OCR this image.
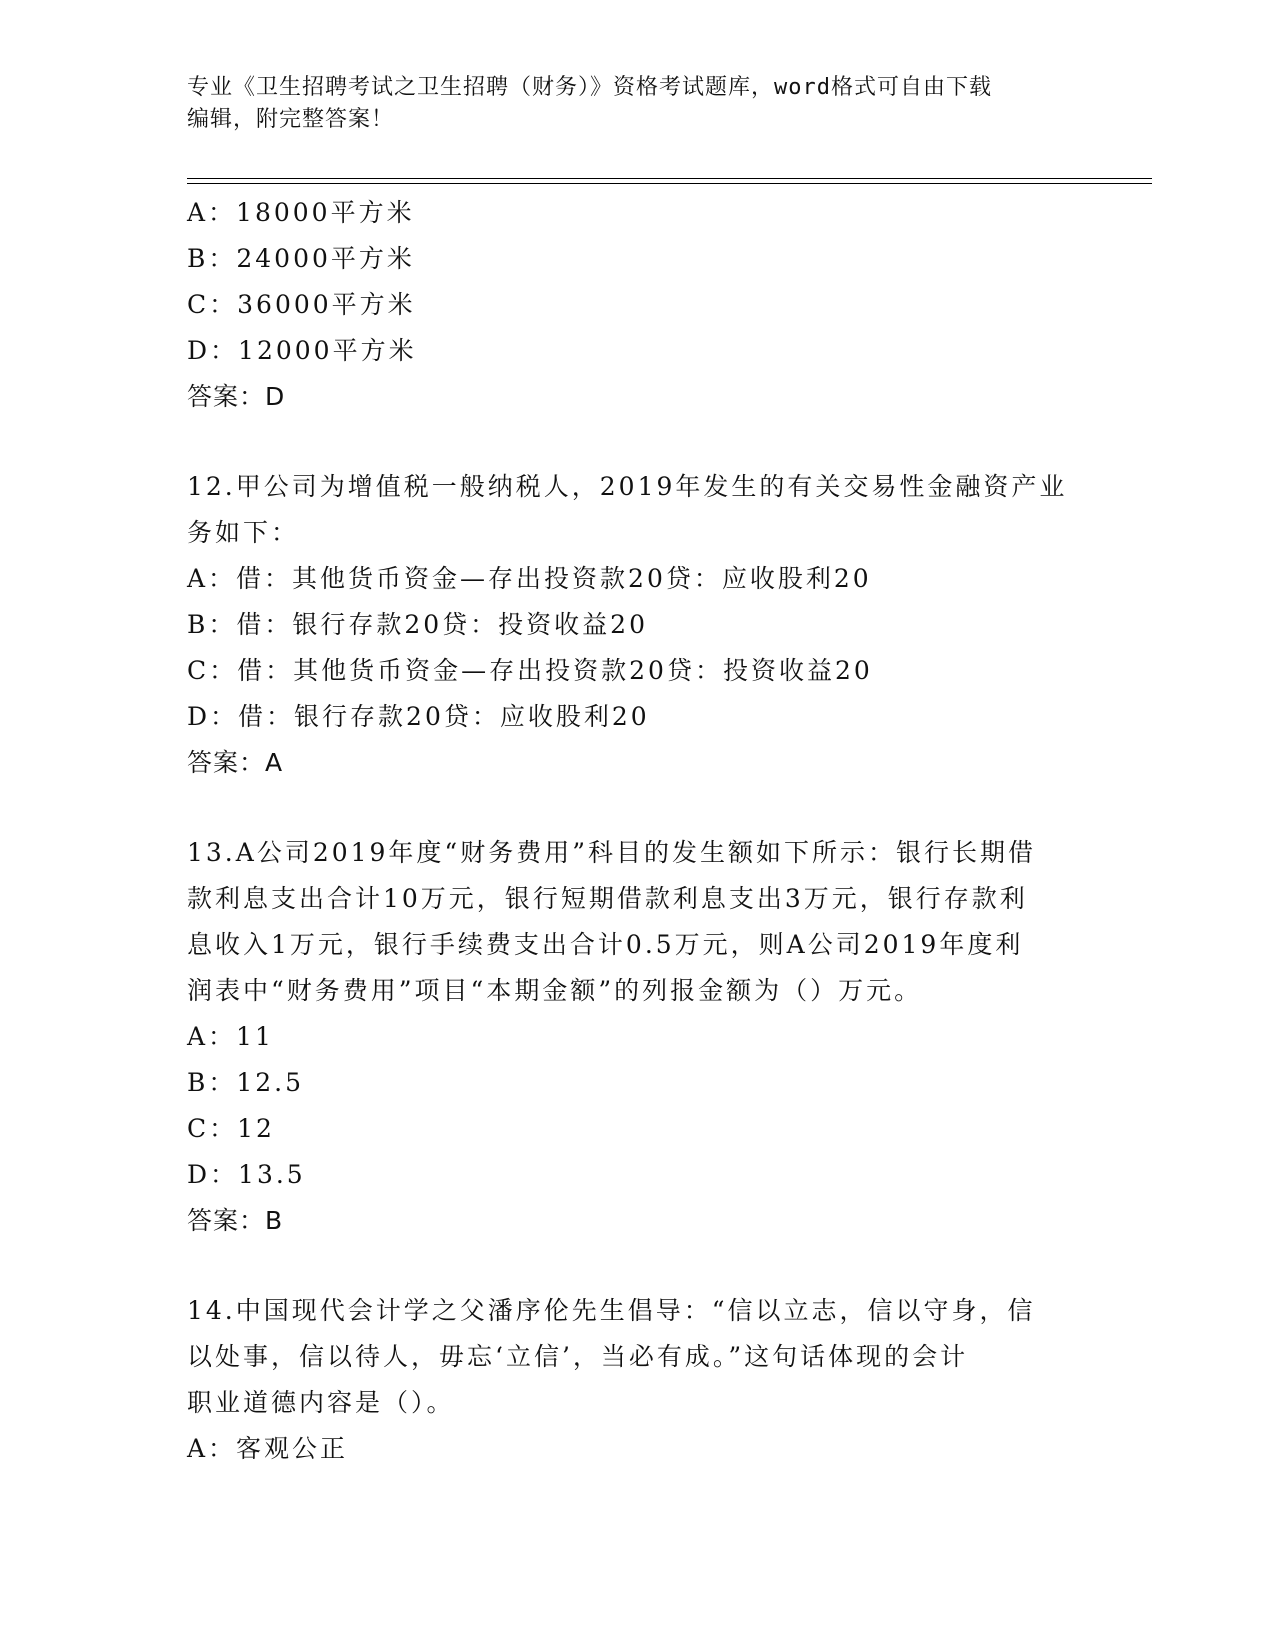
专业《卫生招聘考试之卫生招聘（财务）》资格考试题库，word格式可自由下载
编辑，附完整答案！
A：18000平方米
B：24000平方米
C：36000平方米
D：12000平方米
答案：D
12.甲公司为增值税一般纳税人，2019年发生的有关交易性金融资产业
务如下：
A：借：其他货币资金—存出投资款20贷：应收股利20
B：借：银行存款20贷：投资收益20
C：借：其他货币资金—存出投资款20贷：投资收益20
D：借：银行存款20贷：应收股利20
答案：A
13.A公司2019年度“财务费用”科目的发生额如下所示：银行长期借
款利息支出合计10万元，银行短期借款利息支出3万元，银行存款利
息收入1万元，银行手续费支出合计0.5万元，则A公司2019年度利
润表中“财务费用”项目“本期金额”的列报金额为（）万元。
A：11
B：12.5
C：12
D：13.5
答案：B
14.中国现代会计学之父潘序伦先生倡导：“信以立志，信以守身，信
以处事，信以待人，毋忘‘立信’，当必有成。”这句话体现的会计
职业道德内容是（）。
A：客观公正
